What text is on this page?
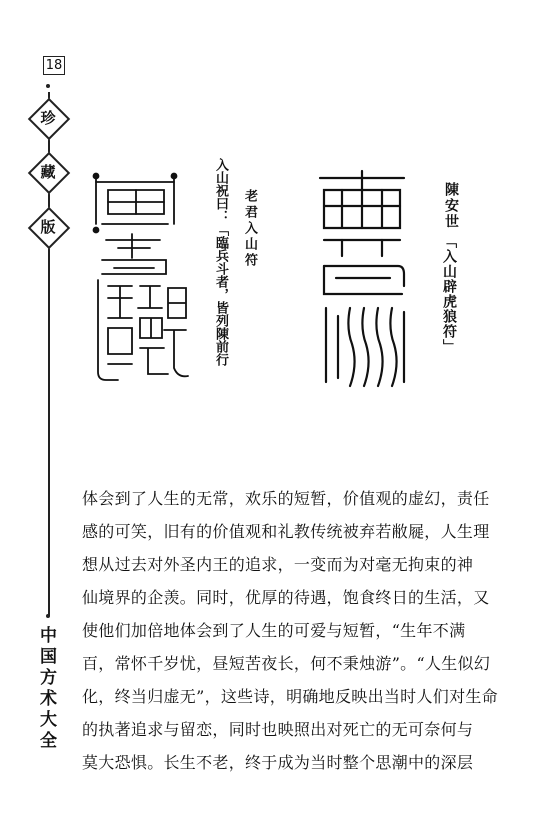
18
珍
藏
版	陳安世
「入山辟虎狼符」
老君入山符
入山祝曰：「臨兵斗者，皆列陳前行

体会到了人生的无常，欢乐的短暂，价值观的虚幻，责任

感的可笑，旧有的价值观和礼教传统被弃若敝屣，人生理

想从过去对外圣内王的追求，一变而为对毫无拘束的神

仙境界的企羡。同时，优厚的待遇，饱食终日的生活，又

使他们加倍地体会到了人生的可爱与短暂，“生年不满

百，常怀千岁忧，昼短苦夜长，何不秉烛游”。“人生似幻

化，终当归虚无”，这些诗，明确地反映出当时人们对生命

的执著追求与留恋，同时也映照出对死亡的无可奈何与

莫大恐惧。长生不老，终于成为当时整个思潮中的深层

中国方术大全
